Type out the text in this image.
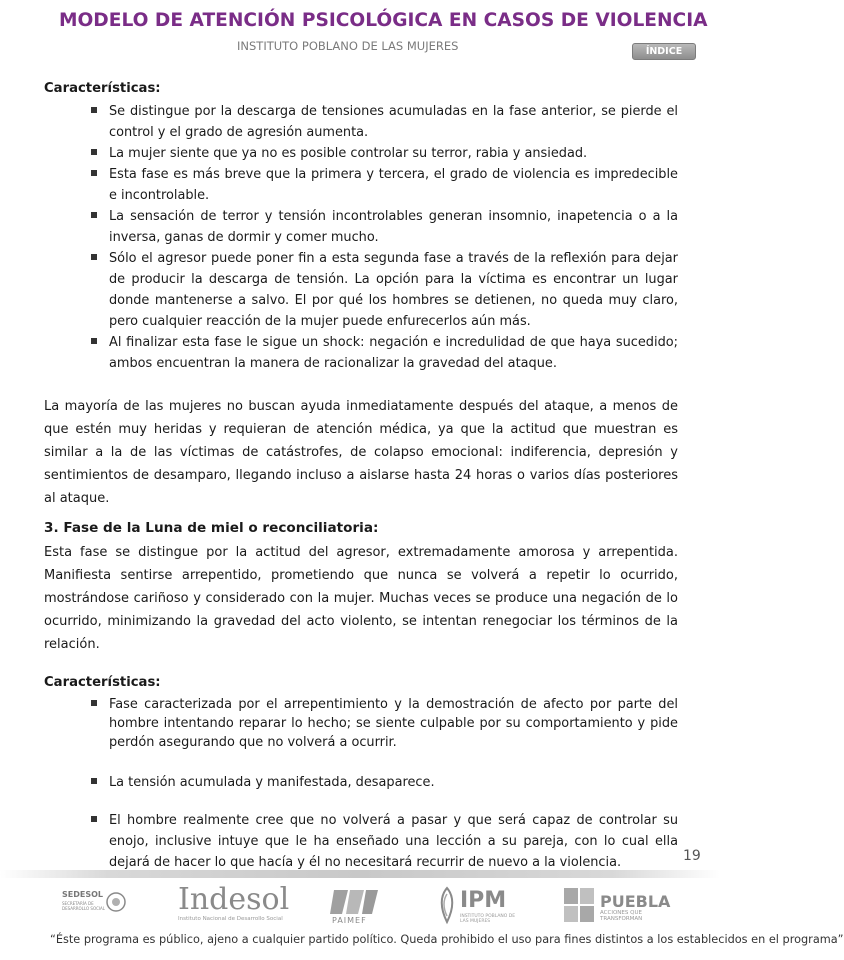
MODELO DE ATENCIÓN PSICOLÓGICA EN CASOS DE VIOLENCIA
INSTITUTO POBLANO DE LAS MUJERES	ÍNDICE

Características:

Se distingue por la descarga de tensiones acumuladas en la fase anterior, se pierde el control y el grado de agresión aumenta.
La mujer siente que ya no es posible controlar su terror, rabia y ansiedad.
Esta fase es más breve que la primera y tercera, el grado de violencia es impredecible e incontrolable.
La sensación de terror y tensión incontrolables generan insomnio, inapetencia o a la inversa, ganas de dormir y comer mucho.
Sólo el agresor puede poner fin a esta segunda fase a través de la reflexión para dejar de producir la descarga de tensión. La opción para la víctima es encontrar un lugar donde mantenerse a salvo. El por qué los hombres se detienen, no queda muy claro, pero cualquier reacción de la mujer puede enfurecerlos aún más.
Al finalizar esta fase le sigue un shock: negación e incredulidad de que haya sucedido; ambos encuentran la manera de racionalizar la gravedad del ataque.

La mayoría de las mujeres no buscan ayuda inmediatamente después del ataque, a menos de que estén muy heridas y requieran de atención médica, ya que la actitud que muestran es similar a la de las víctimas de catástrofes, de colapso emocional: indiferencia, depresión y sentimientos de desamparo, llegando incluso a aislarse hasta 24 horas o varios días posteriores al ataque.

3. Fase de la Luna de miel o reconciliatoria:

Esta fase se distingue por la actitud del agresor, extremadamente amorosa y arrepentida. Manifiesta sentirse arrepentido, prometiendo que nunca se volverá a repetir lo ocurrido, mostrándose cariñoso y considerado con la mujer. Muchas veces se produce una negación de lo ocurrido, minimizando la gravedad del acto violento, se intentan renegociar los términos de la relación.

Características:

Fase caracterizada por el arrepentimiento y la demostración de afecto por parte del hombre intentando reparar lo hecho; se siente culpable por su comportamiento y pide perdón asegurando que no volverá a ocurrir.
La tensión acumulada y manifestada, desaparece.
El hombre realmente cree que no volverá a pasar y que será capaz de controlar su enojo, inclusive intuye que le ha enseñado una lección a su pareja, con lo cual ella dejará de hacer lo que hacía y él no necesitará recurrir de nuevo a la violencia.	19
SEDESOL
SECRETARÍA DE DESARROLLO SOCIAL Indesol
Instituto Nacional de Desarrollo Social	PAIMEF
IPM
INSTITUTO POBLANO DE LAS MUJERES
PUEBLA
ACCIONES QUE TRANSFORMAN
“Éste programa es público, ajeno a cualquier partido político. Queda prohibido el uso para fines distintos a los establecidos en el programa”
